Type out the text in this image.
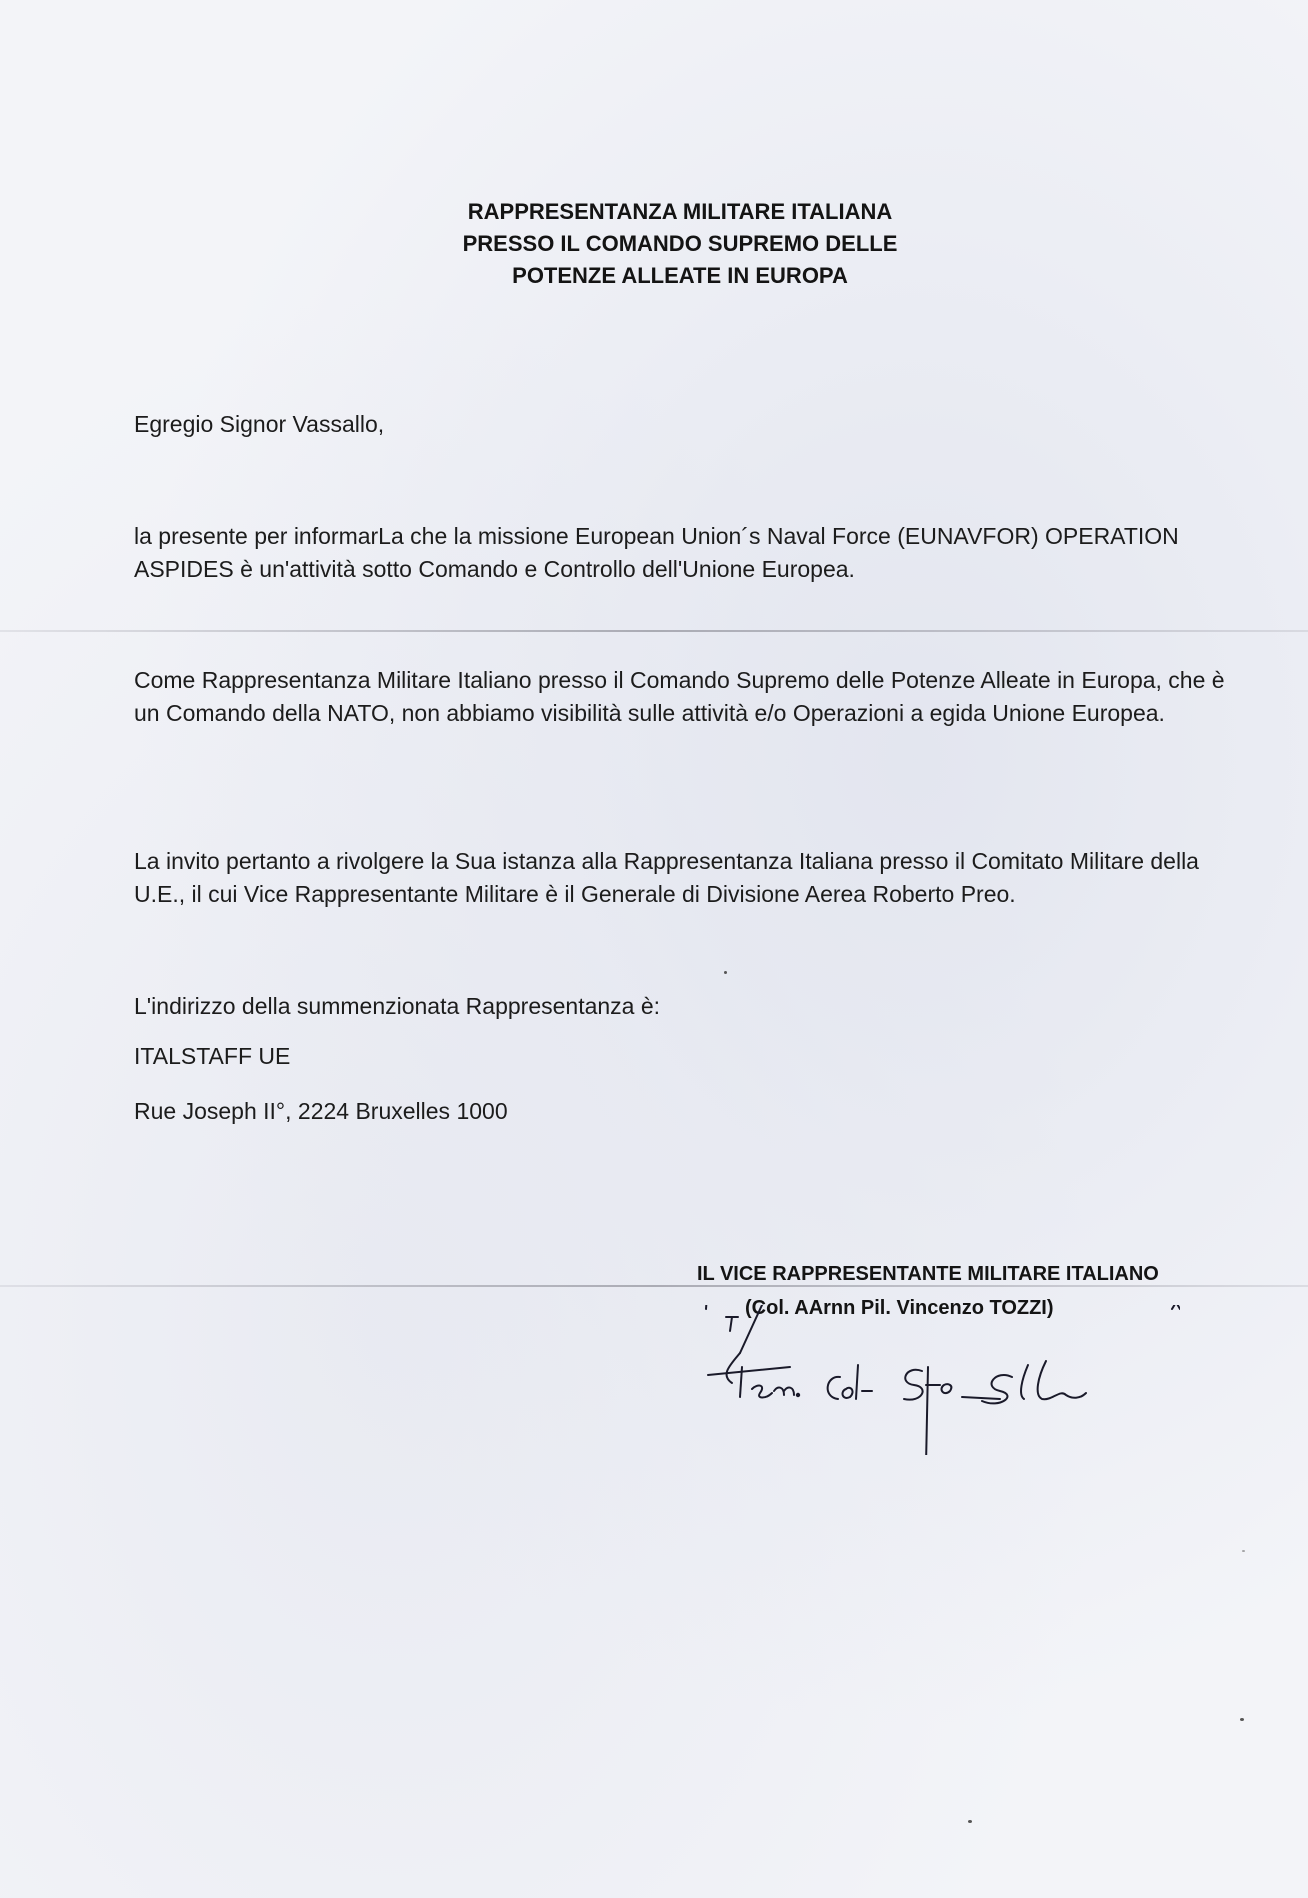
RAPPRESENTANZA MILITARE ITALIANA
PRESSO IL COMANDO SUPREMO DELLE
POTENZE ALLEATE IN EUROPA
Egregio Signor Vassallo,
la presente per informarLa che la missione European Union´s Naval Force (EUNAVFOR) OPERATION ASPIDES è un'attività sotto Comando e Controllo dell'Unione Europea.
Come Rappresentanza Militare Italiano presso il Comando Supremo delle Potenze Alleate in Europa, che è un Comando della NATO, non abbiamo visibilità sulle attività e/o Operazioni a egida Unione Europea.
La invito pertanto a rivolgere la Sua istanza alla Rappresentanza Italiana presso il Comitato Militare della U.E., il cui Vice Rappresentante Militare è il Generale di Divisione Aerea Roberto Preo.
L'indirizzo della summenzionata Rappresentanza è:
ITALSTAFF UE
Rue Joseph II°, 2224 Bruxelles 1000
IL VICE RAPPRESENTANTE MILITARE ITALIANO
(Col. AArnn Pil. Vincenzo TOZZI)
